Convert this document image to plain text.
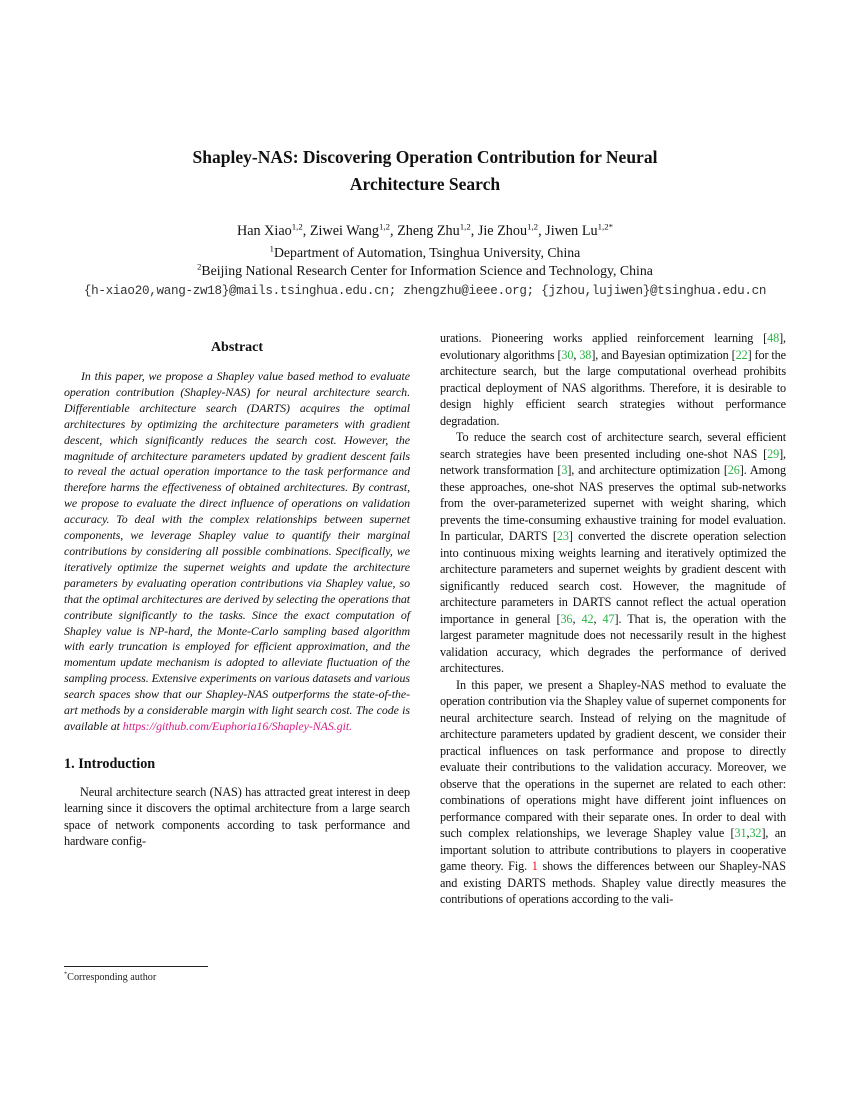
Shapley-NAS: Discovering Operation Contribution for Neural
Architecture Search
Han Xiao$^{1,2}$, Ziwei Wang$^{1,2}$, Zheng Zhu$^{1,2}$, Jie Zhou$^{1,2}$, Jiwen $Lu^{1,2*}$
$^1$Department of Automation, Tsinghua University, China
$^2$Beijing National Research Center for Information Science and Technology, China
{h-xiao20,wang-zw18}@mails.tsinghua.edu.cn; zhengzhu@ieee.org; {jzhou,lujiwen}@tsinghua.edu.cn
Abstract

In this paper, we propose a Shapley value based method to evaluate operation contribution (Shapley-NAS) for neural architecture search. Differentiable architecture search (DARTS) acquires the optimal architectures by optimizing the architecture parameters with gradient descent, which significantly reduces the search cost. However, the magnitude of architecture parameters updated by gradient descent fails to reveal the actual operation importance to the task performance and therefore harms the effectiveness of obtained architectures. By contrast, we propose to evaluate the direct influence of operations on validation accuracy. To deal with the complex relationships between supernet components, we leverage Shapley value to quantify their marginal contributions by considering all possible combinations. Specifically, we iteratively optimize the supernet weights and update the architecture parameters by evaluating operation contributions via Shapley value, so that the optimal architectures are derived by selecting the operations that contribute significantly to the tasks. Since the exact computation of Shapley value is NP-hard, the Monte-Carlo sampling based algorithm with early truncation is employed for efficient approximation, and the momentum update mechanism is adopted to alleviate fluctuation of the sampling process. Extensive experiments on various datasets and various search spaces show that our Shapley-NAS outperforms the state-of-the-art methods by a considerable margin with light search cost. The code is available at https://github.com/Euphoria16/Shapley-NAS.git.

1. Introduction

Neural architecture search (NAS) has attracted great interest in deep learning since it discovers the optimal architecture from a large search space of network components according to task performance and hardware config-

urations. Pioneering works applied reinforcement learning [48], evolutionary algorithms [30, 38], and Bayesian optimization [22] for the architecture search, but the large computational overhead prohibits practical deployment of NAS algorithms. Therefore, it is desirable to design highly efficient search strategies without performance degradation.

To reduce the search cost of architecture search, several efficient search strategies have been presented including one-shot NAS [29], network transformation [3], and architecture optimization [26]. Among these approaches, one-shot NAS preserves the optimal sub-networks from the over-parameterized supernet with weight sharing, which prevents the time-consuming exhaustive training for model evaluation. In particular, DARTS [23] converted the discrete operation selection into continuous mixing weights learning and iteratively optimized the architecture parameters and supernet weights by gradient descent with significantly reduced search cost. However, the magnitude of architecture parameters in DARTS cannot reflect the actual operation importance in general [36, 42, 47]. That is, the operation with the largest parameter magnitude does not necessarily result in the highest validation accuracy, which degrades the performance of derived architectures.

In this paper, we present a Shapley-NAS method to evaluate the operation contribution via the Shapley value of supernet components for neural architecture search. Instead of relying on the magnitude of architecture parameters updated by gradient descent, we consider their practical influences on task performance and propose to directly evaluate their contributions to the validation accuracy. Moreover, we observe that the operations in the supernet are related to each other: combinations of operations might have different joint influences on performance compared with their separate ones. In order to deal with such complex relationships, we leverage Shapley value [31,32], an important solution to attribute contributions to players in cooperative game theory. Fig. 1 shows the differences between our Shapley-NAS and existing DARTS methods. Shapley value directly measures the contributions of operations according to the vali-

*Corresponding author
